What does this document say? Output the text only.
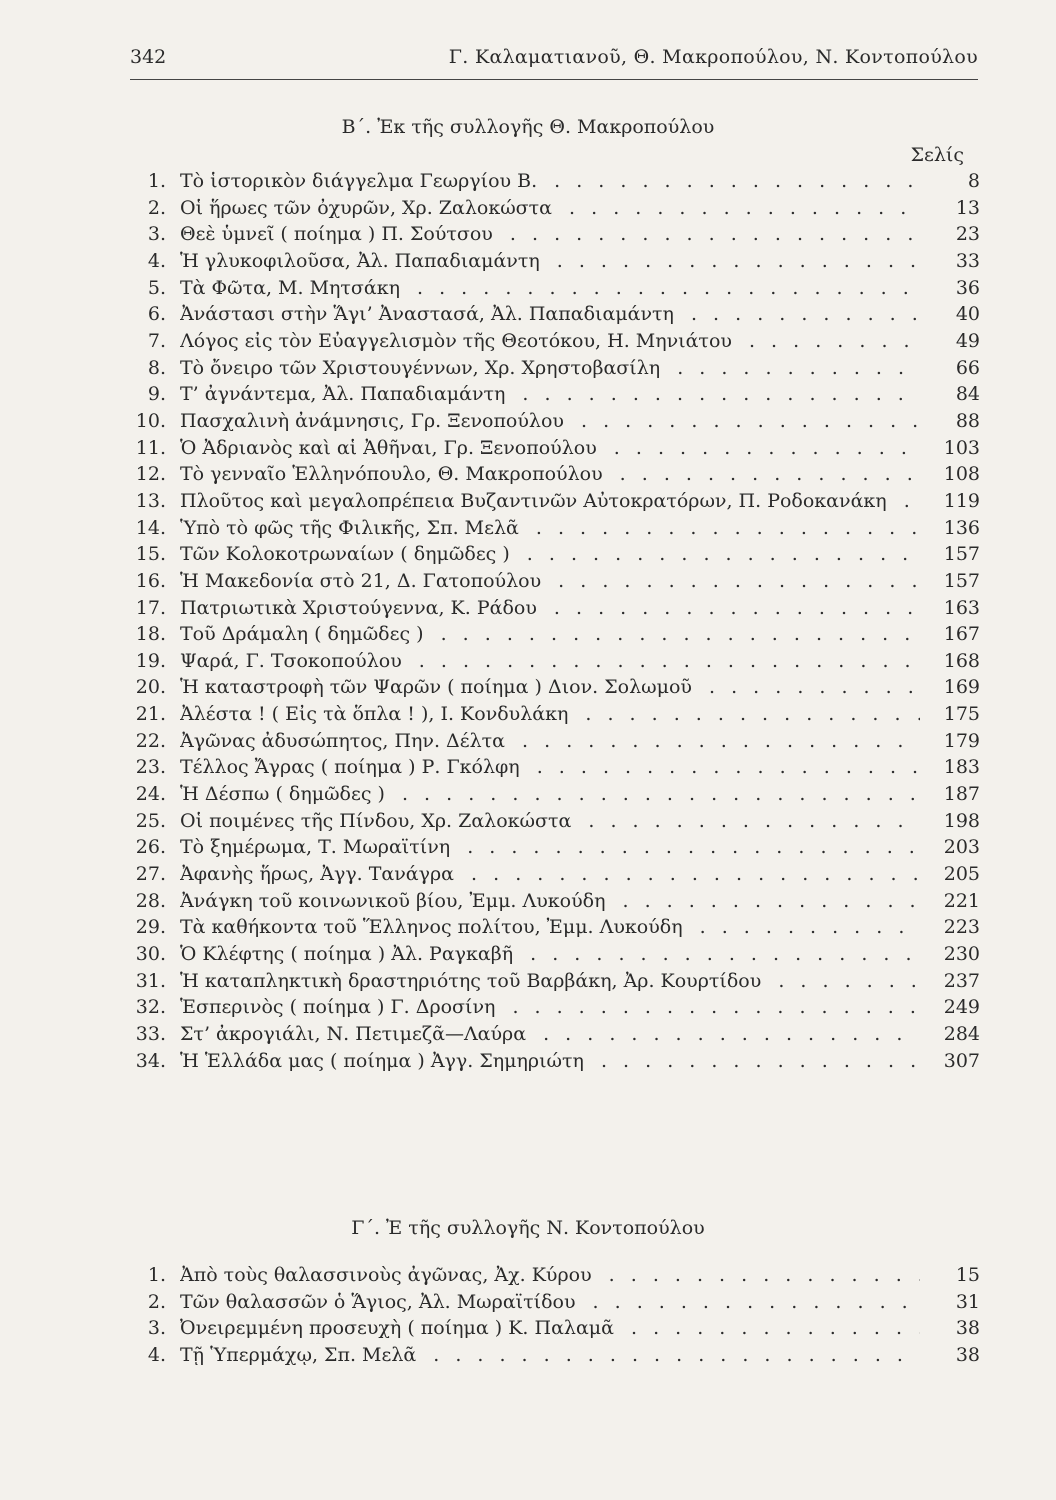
342	Γ. Καλαματιανοῦ, Θ. Μακροπούλου, Ν. Κοντοπούλου
Β΄. Ἐκ τῆς συλλογῆς Θ. Μακροπούλου
Σελίς
1. Τὸ ἱστορικὸν διάγγελμα Γεωργίου Β. . . .	8
2. Οἱ ἥρωες τῶν ὀχυρῶν, Χρ. Ζαλοκώστα . . .	13
3. Θεὲ ὑμνεῖ ( ποίημα ) Π. Σούτσου . . .	23
4. Ἡ γλυκοφιλοῦσα, Ἀλ. Παπαδιαμάντη . . .	33
5. Τὰ Φῶτα, Μ. Μητσάκη . . .	36
6. Ἀνάστασι στὴν Ἅγι’ Ἀναστασά, Ἀλ. Παπαδιαμάντη . . .	40
7. Λόγος εἰς τὸν Εὐαγγελισμὸν τῆς Θεοτόκου, Η. Μηνιάτου . . .	49
8. Τὸ ὄνειρο τῶν Χριστουγέννων, Χρ. Χρηστοβασίλη . . .	66
9. Τ’ ἀγνάντεμα, Ἀλ. Παπαδιαμάντη . . .	84
10. Πασχαλινὴ ἀνάμνησις, Γρ. Ξενοπούλου . . .	88
11. Ὁ Ἀδριανὸς καὶ αἱ Ἀθῆναι, Γρ. Ξενοπούλου . . .	103
12. Τὸ γενναῖο Ἑλληνόπουλο, Θ. Μακροπούλου . . .	108
13. Πλοῦτος καὶ μεγαλοπρέπεια Βυζαντινῶν Αὐτοκρατόρων, Π. Ροδοκανάκη . . .	119
14. Ὑπὸ τὸ φῶς τῆς Φιλικῆς, Σπ. Μελᾶ . . .	136
15. Τῶν Κολοκοτρωναίων ( δημῶδες ) . . .	157
16. Ἡ Μακεδονία στὸ 21, Δ. Γατοπούλου . . .	157
17. Πατριωτικὰ Χριστούγεννα, Κ. Ράδου . . .	163
18. Τοῦ Δράμαλη ( δημῶδες ) . . .	167
19. Ψαρά, Γ. Τσοκοπούλου . . .	168
20. Ἡ καταστροφὴ τῶν Ψαρῶν ( ποίημα ) Διον. Σολωμοῦ . . .	169
21. Ἀλέστα ! ( Εἰς τὰ ὅπλα ! ), Ι. Κονδυλάκη . . .	175
22. Ἀγῶνας ἀδυσώπητος, Πην. Δέλτα . . .	179
23. Τέλλος Ἄγρας ( ποίημα ) Ρ. Γκόλφη . . .	183
24. Ἡ Δέσπω ( δημῶδες ) . . .	187
25. Οἱ ποιμένες τῆς Πίνδου, Χρ. Ζαλοκώστα . . .	198
26. Τὸ ξημέρωμα, Τ. Μωραϊτίνη . . .	203
27. Ἀφανὴς ἥρως, Ἀγγ. Τανάγρα . . .	205
28. Ἀνάγκη τοῦ κοινωνικοῦ βίου, Ἐμμ. Λυκούδη . . .	221
29. Τὰ καθήκοντα τοῦ Ἕλληνος πολίτου, Ἐμμ. Λυκούδη . . .	223
30. Ὁ Κλέφτης ( ποίημα ) Ἀλ. Ραγκαβῆ . . .	230
31. Ἡ καταπληκτικὴ δραστηριότης τοῦ Βαρβάκη, Ἀρ. Κουρτίδου . . .	237
32. Ἑσπερινὸς ( ποίημα ) Γ. Δροσίνη . . .	249
33. Στ’ ἀκρογιάλι, Ν. Πετιμεζᾶ—Λαύρα . . .	284
34. Ἡ Ἑλλάδα μας ( ποίημα ) Ἀγγ. Σημηριώτη . . .	307
Γ΄. Ἐ τῆς συλλογῆς Ν. Κοντοπούλου
1. Ἀπὸ τοὺς θαλασσινοὺς ἀγῶνας, Ἀχ. Κύρου . . .	15
2. Τῶν θαλασσῶν ὁ Ἅγιος, Ἀλ. Μωραϊτίδου . . .	31
3. Ὀνειρεμμένη προσευχὴ ( ποίημα ) Κ. Παλαμᾶ . . .	38
4. Τῇ Ὑπερμάχῳ, Σπ. Μελᾶ . . .	38
